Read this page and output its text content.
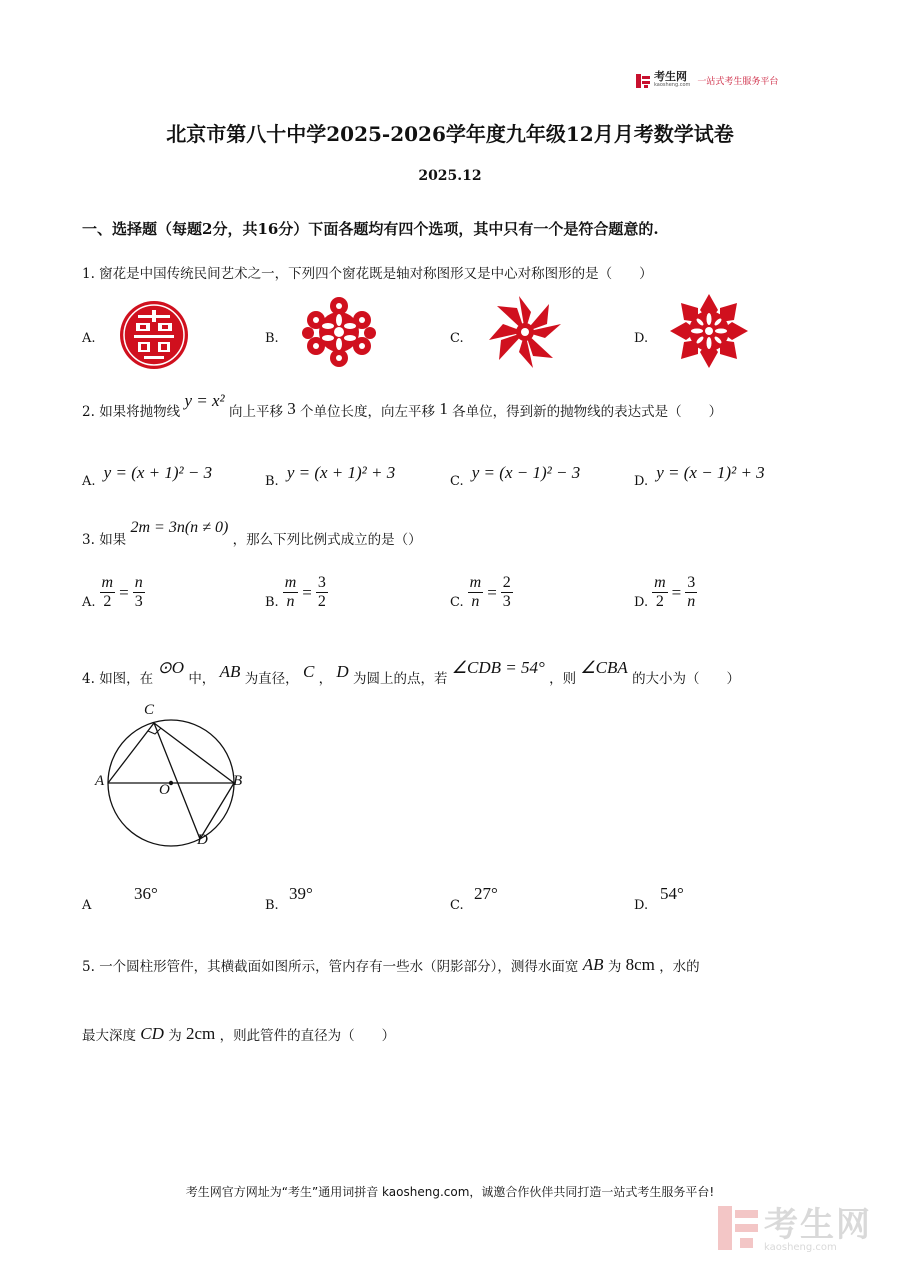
考生网
kaosheng.com 一站式考生服务平台
北京市第八十中学2025-2026学年度九年级12月月考数学试卷
2025.12
一、选择题（每题2分，共16分）下面各题均有四个选项，其中只有一个是符合题意的.
1. 窗花是中国传统民间艺术之一，下列四个窗花既是轴对称图形又是中心对称图形的是（　　）
A.	B.	C.	D.
2. 如果将抛物线 y = x² 向上平移 3 个单位长度，向左平移 1 各单位，得到新的抛物线的表达式是（　　）
A. y = (x + 1)² − 3	B. y = (x + 1)² + 3	C. y = (x − 1)² − 3	D. y = (x − 1)² + 3
3. 如果 2m = 3n(n ≠ 0) ，那么下列比例式成立的是（）
A. $\frac{m}{2} = \frac{n}{3}$	B. $\frac{m}{n} = \frac{3}{2}$	C. $\frac{m}{n} = \frac{2}{3}$	D. $\frac{m}{2} = \frac{3}{n}$
4. 如图，在 ⊙O 中， AB 为直径， C ， D 为圆上的点，若 ∠CDB = 54° ，则 ∠CBA 的大小为（　　）
C
A
O
B
D
A
36°
B.
39°
C.
27°
D.
54°
5. 一个圆柱形管件，其横截面如图所示，管内存有一些水（阴影部分），测得水面宽 AB 为 8cm ，水的
最大深度 CD 为 2cm ，则此管件的直径为（　　）
考生网官方网址为“考生”通用词拼音 kaosheng.com，诚邀合作伙伴共同打造一站式考生服务平台!
考生网
kaosheng.com
